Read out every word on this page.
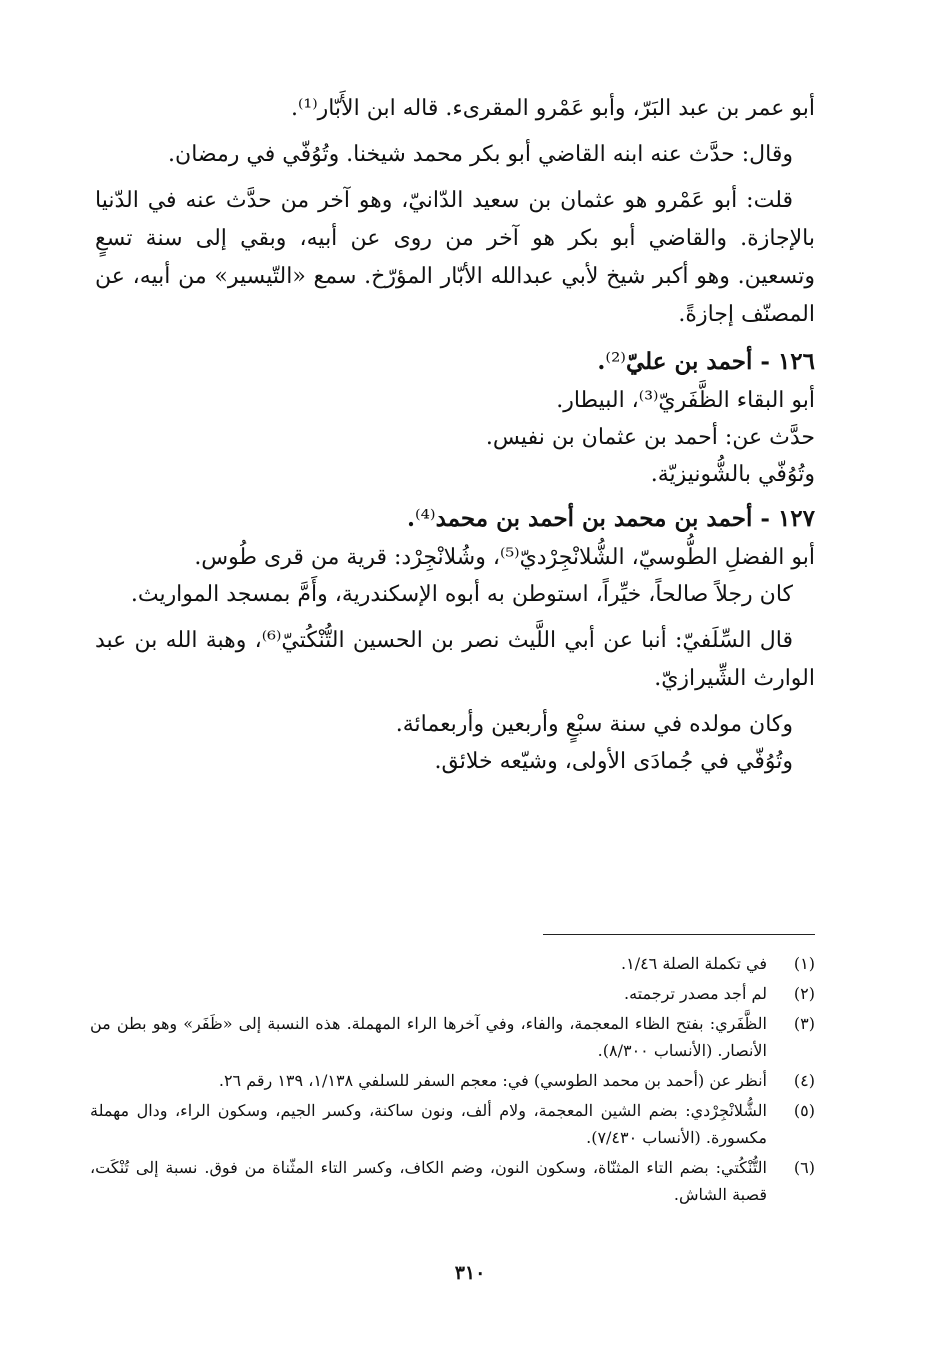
أبو عمر بن عبد البَرّ، وأبو عَمْرو المقرىء. قاله ابن الأَبّار⁽¹⁾.

وقال: حدَّث عنه ابنه القاضي أبو بكر محمد شيخنا. وتُوُفّي في رمضان.

قلت: أبو عَمْرو هو عثمان بن سعيد الدّانيّ، وهو آخر من حدَّث عنه في الدّنيا بالإجازة. والقاضي أبو بكر هو آخر من روى عن أبيه، وبقي إلى سنة تسعٍ وتسعين. وهو أكبر شيخ لأبي عبدالله الأبّار المؤرّخ. سمع «التّيسير» من أبيه، عن المصنّف إجازةً.

١٢٦ - أحمد بن عليّ⁽²⁾.

أبو البقاء الظَّفَريّ⁽³⁾، البيطار.

حدَّث عن: أحمد بن عثمان بن نفيس.

وتُوُفّي بالشُّونيزيّة.

١٢٧ - أحمد بن محمد بن أحمد بن محمد⁽⁴⁾.

أبو الفضلِ الطُّوسيّ، الشُّلانْجِرْديّ⁽⁵⁾، وشُلانْجِرْد: قرية من قرى طُوس.

كان رجلاً صالحاً، خيِّراً، استوطن به أبوه الإسكندرية، وأَمَّ بمسجد المواريث.

قال السِّلَفيّ: أنبا عن أبي اللَّيث نصر بن الحسين التُّنْكُتيّ⁽⁶⁾، وهبة الله بن عبد الوارث الشِّيرازيّ.

وكان مولده في سنة سبْعٍ وأربعين وأربعمائة.

وتُوُفّي في جُمادَى الأولى، وشيّعه خلائق.

(١)
في تكملة الصلة ١/٤٦.
(٢)
لم أجد مصدر ترجمته.
(٣)
الظَّفَري: بفتح الظاء المعجمة، والفاء، وفي آخرها الراء المهملة. هذه النسبة إلى «ظَفَر» وهو بطن من الأنصار. (الأنساب ٨/٣٠٠).
(٤)
أنظر عن (أحمد بن محمد الطوسي) في: معجم السفر للسلفي ١/١٣٨، ١٣٩ رقم ٢٦.
(٥)
الشُّلانْجِرْدي: بضم الشين المعجمة، ولام ألف، ونون ساكنة، وكسر الجيم، وسكون الراء، ودال مهملة مكسورة. (الأنساب ٧/٤٣٠).
(٦)
التُّنْكُتي: بضم التاء المثنّاة، وسكون النون، وضم الكاف، وكسر التاء المثّناة من فوق. نسبة إلى تُنْكَت، قصبة الشاش.
٣١٠
